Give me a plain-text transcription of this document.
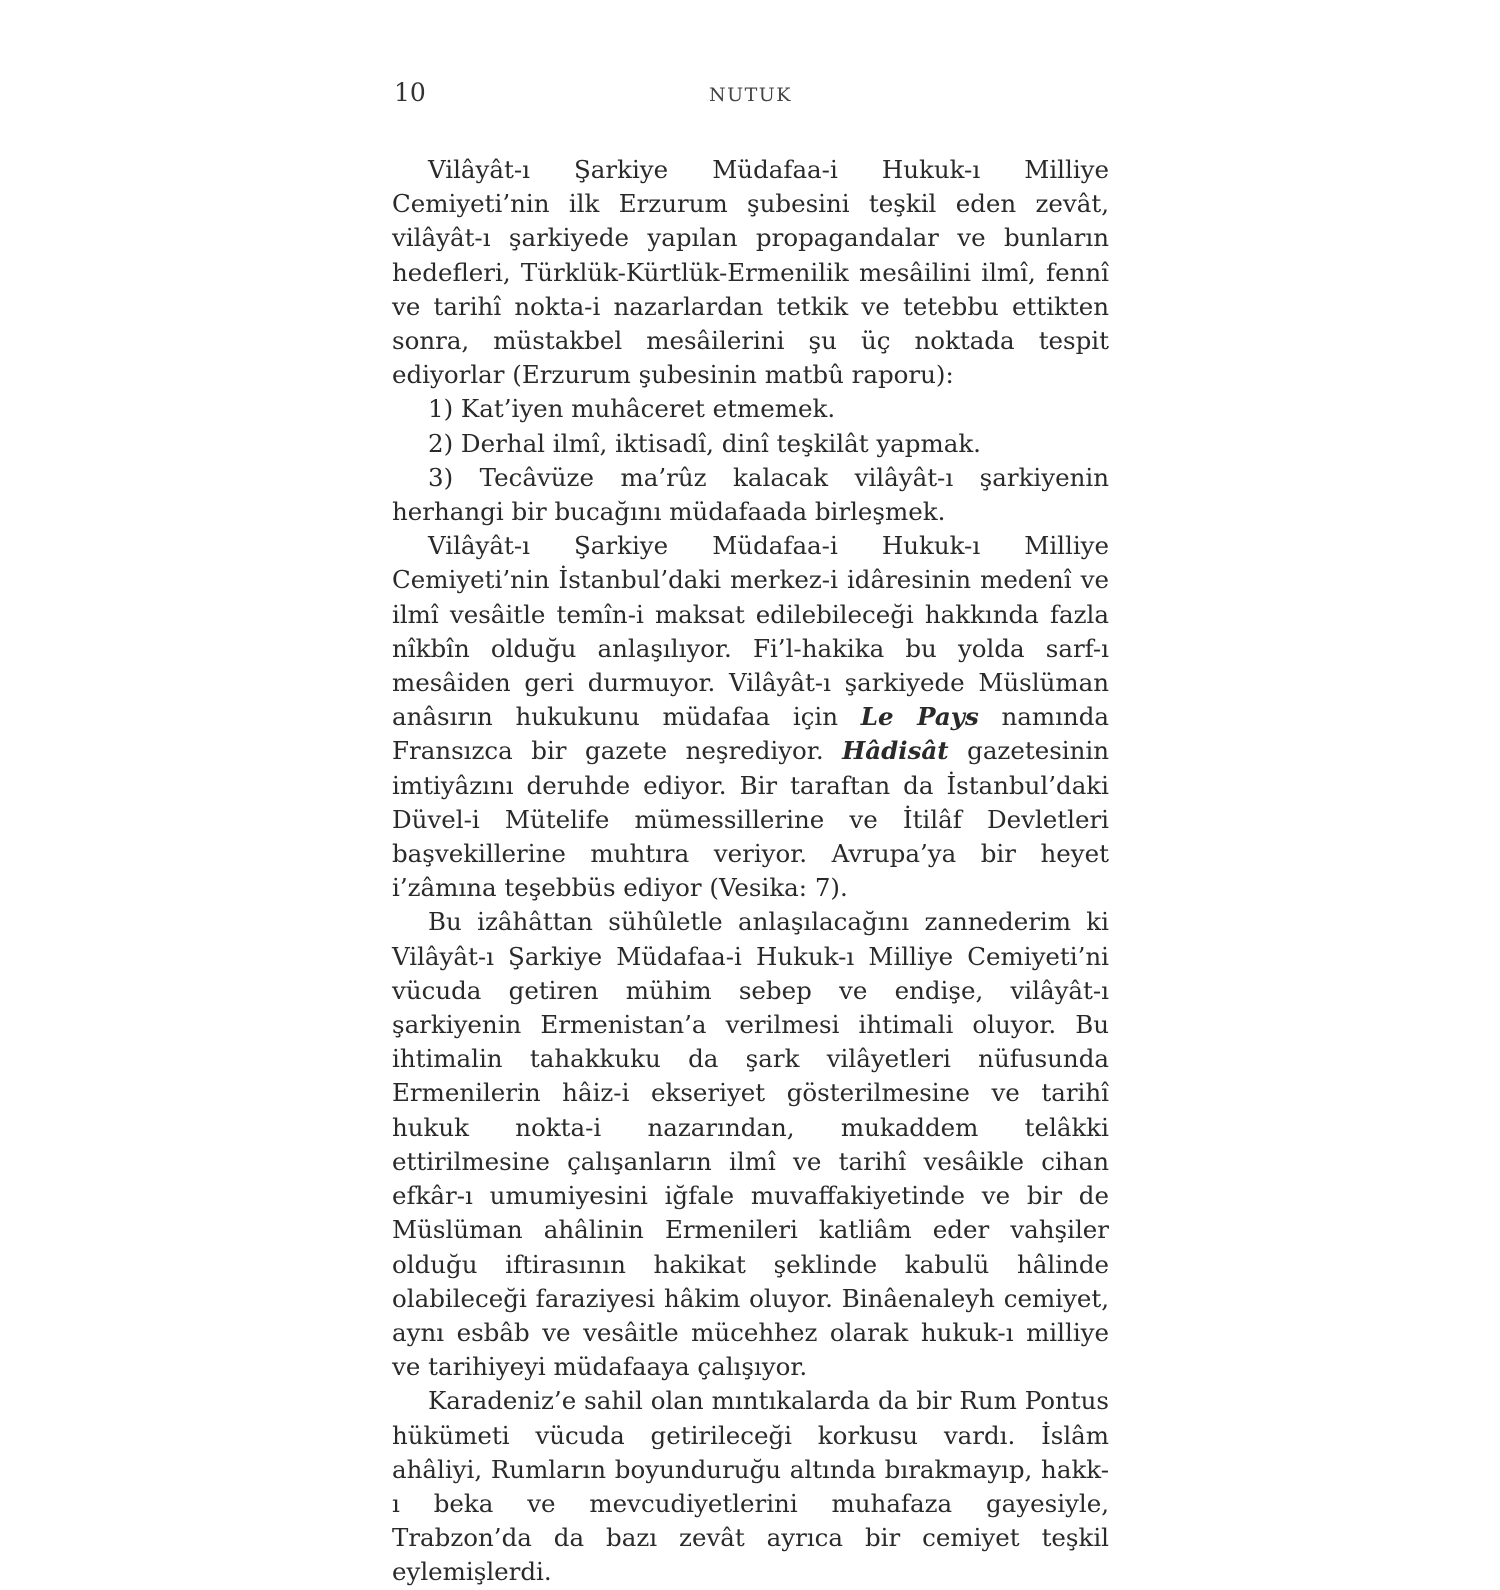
10	NUTUK

Vilâyât-ı Şarkiye Müdafaa-i Hukuk-ı Milliye Cemiyeti’nin ilk Erzurum şubesini teşkil eden zevât, vilâyât-ı şarkiyede yapılan propagandalar ve bunların hedefleri, Türklük-Kürtlük-Ermenilik mesâilini ilmî, fennî ve tarihî nokta-i nazarlardan tetkik ve tetebbu ettikten sonra, müstakbel mesâilerini şu üç noktada tespit ediyorlar (Erzurum şubesinin matbû raporu):

1) Kat’iyen muhâceret etmemek.

2) Derhal ilmî, iktisadî, dinî teşkilât yapmak.

3) Tecâvüze ma’rûz kalacak vilâyât-ı şarkiyenin herhangi bir bucağını müdafaada birleşmek.

Vilâyât-ı Şarkiye Müdafaa-i Hukuk-ı Milliye Cemiyeti’nin İstanbul’daki merkez-i idâresinin medenî ve ilmî vesâitle temîn-i maksat edilebileceği hakkında fazla nîkbîn olduğu anlaşılıyor. Fi’l-hakika bu yolda sarf-ı mesâiden geri durmuyor. Vilâyât-ı şarkiyede Müslüman anâsırın hukukunu müdafaa için Le Pays namında Fransızca bir gazete neşrediyor. Hâdisât gazetesinin imtiyâzını deruhde ediyor. Bir taraftan da İstanbul’daki Düvel-i Mütelife mümessillerine ve İtilâf Devletleri başvekillerine muhtıra veriyor. Avrupa’ya bir heyet i’zâmına teşebbüs ediyor (Vesika: 7).

Bu izâhâttan sühûletle anlaşılacağını zannederim ki Vilâyât-ı Şarkiye Müdafaa-i Hukuk-ı Milliye Cemiyeti’ni vücuda getiren mühim sebep ve endişe, vilâyât-ı şarkiyenin Ermenistan’a verilmesi ihtimali oluyor. Bu ihtimalin tahakkuku da şark vilâyetleri nüfusunda Ermenilerin hâiz-i ekseriyet gösterilmesine ve tarihî hukuk nokta-i nazarından, mukaddem telâkki ettirilmesine çalışanların ilmî ve tarihî vesâikle cihan efkâr-ı umumiyesini iğfale muvaffakiyetinde ve bir de Müslüman ahâlinin Ermenileri katliâm eder vahşiler olduğu iftirasının hakikat şeklinde kabulü hâlinde olabileceği faraziyesi hâkim oluyor. Binâenaleyh cemiyet, aynı esbâb ve vesâitle mücehhez olarak hukuk-ı milliye ve tarihiyeyi müdafaaya çalışıyor.

Karadeniz’e sahil olan mıntıkalarda da bir Rum Pontus hükümeti vücuda getirileceği korkusu vardı. İslâm ahâliyi, Rumların boyunduruğu altında bırakmayıp, hakk-ı beka ve mevcudiyetlerini muhafaza gayesiyle, Trabzon’da da bazı zevât ayrıca bir cemiyet teşkil eylemişlerdi.
